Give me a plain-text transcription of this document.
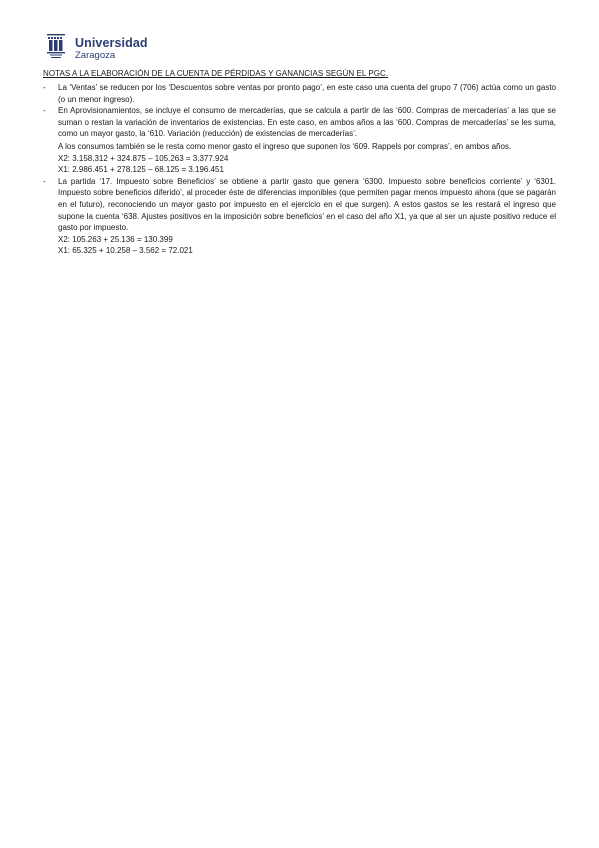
Universidad
Zaragoza
NOTAS A LA ELABORACIÓN DE LA CUENTA DE PÉRDIDAS Y GANANCIAS SEGÚN EL PGC.
- La ‘Ventas’ se reducen por los ‘Descuentos sobre ventas por pronto pago’, en este caso una cuenta del grupo 7 (706) actúa como un gasto (o un menor ingreso).

- En Aprovisionamientos, se incluye el consumo de mercaderías, que se calcula a partir de las ‘600. Compras de mercaderías’ a las que se suman o restan la variación de inventarios de existencias. En este caso, en ambos años a las ‘600. Compras de mercaderías’ se les suma, como un mayor gasto, la ‘610. Variación (reducción) de existencias de mercaderías’.

A los consumos también se le resta como menor gasto el ingreso que suponen los ‘609. Rappels por compras’, en ambos años.

X2: 3.158.312 + 324.875 – 105.263 = 3.377.924

X1: 2.986.451 + 278.125 – 68.125 = 3.196.451

- La partida ‘17. Impuesto sobre Beneficios’ se obtiene a partir gasto que genera ‘6300. Impuesto sobre beneficios corriente’ y ‘6301. Impuesto sobre beneficios diferido’, al proceder éste de diferencias imponibles (que permiten pagar menos impuesto ahora (que se pagarán en el futuro), reconociendo un mayor gasto por impuesto en el ejercicio en el que surgen). A estos gastos se les restará el ingreso que supone la cuenta ‘638. Ajustes positivos en la imposición sobre beneficios’ en el caso del año X1, ya que al ser un ajuste positivo reduce el gasto por impuesto.

X2: 105.263 + 25.136 = 130.399

X1: 65.325 + 10.258 – 3.562 = 72.021
